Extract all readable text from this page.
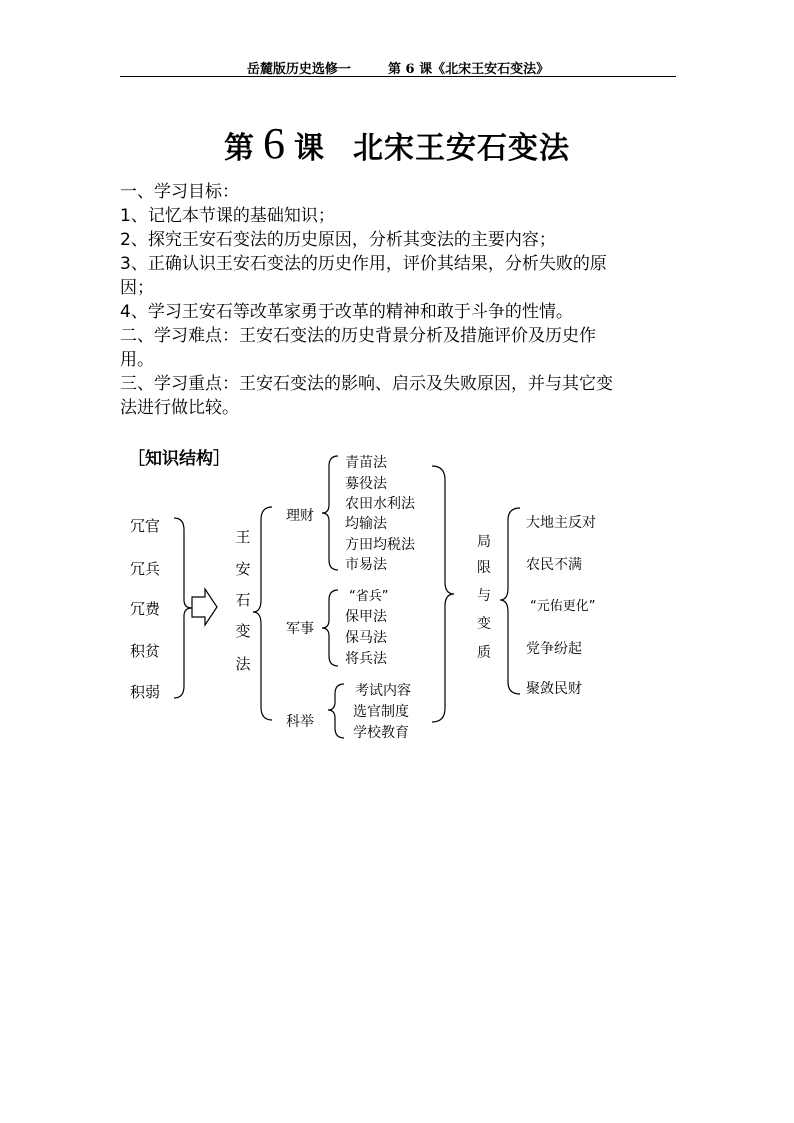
岳麓版历史选修一	第 6 课《北宋王安石变法》
第 6 课 北宋王安石变法

一、学习目标：

1、记忆本节课的基础知识；

2、探究王安石变法的历史原因，分析其变法的主要内容；

3、正确认识王安石变法的历史作用，评价其结果，分析失败的原

因；

4、学习王安石等改革家勇于改革的精神和敢于斗争的性情。

二、学习难点：王安石变法的历史背景分析及措施评价及历史作

用。

三、学习重点：王安石变法的影响、启示及失败原因，并与其它变

法进行做比较。

［知识结构］
冗官
冗兵
冗费
积贫
积弱
王
安
石
变
法
理财
军事
科举
青苗法
募役法
农田水利法
均输法
方田均税法
市易法
“省兵”
保甲法
保马法
将兵法
考试内容
选官制度
学校教育
局
限
与
变
质
大地主反对
农民不满
“元佑更化”
党争纷起
聚敛民财
